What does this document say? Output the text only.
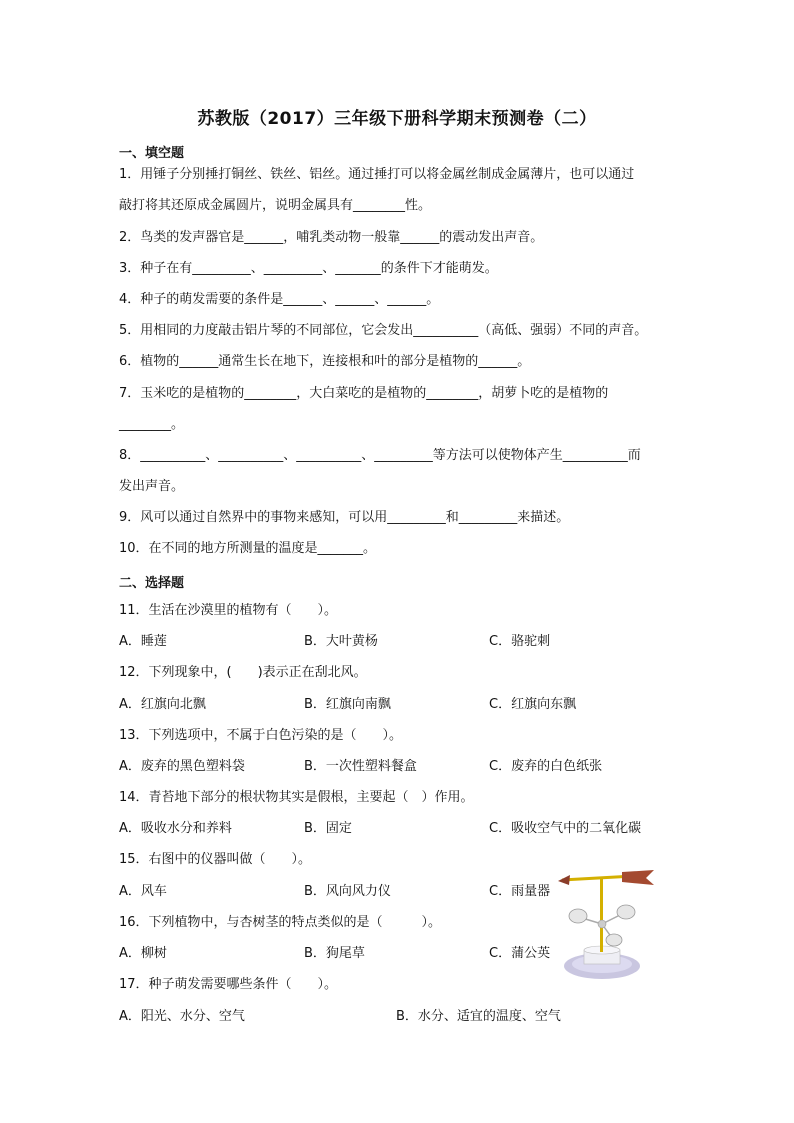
苏教版（2017）三年级下册科学期末预测卷（二）
一、填空题
1．用锤子分别捶打铜丝、铁丝、铝丝。通过捶打可以将金属丝制成金属薄片，也可以通过
敲打将其还原成金属圆片，说明金属具有________性。
2．鸟类的发声器官是______，哺乳类动物一般靠______的震动发出声音。
3．种子在有_________、_________、_______的条件下才能萌发。
4．种子的萌发需要的条件是______、______、______。
5．用相同的力度敲击铝片琴的不同部位，它会发出__________（高低、强弱）不同的声音。
6．植物的______通常生长在地下，连接根和叶的部分是植物的______。
7．玉米吃的是植物的________，大白菜吃的是植物的________，胡萝卜吃的是植物的
________。
8．__________、__________、__________、_________等方法可以使物体产生__________而
发出声音。
9．风可以通过自然界中的事物来感知，可以用_________和_________来描述。
10．在不同的地方所测量的温度是_______。
二、选择题
11．生活在沙漠里的植物有（　　）。
A．睡莲	B．大叶黄杨	C．骆驼刺
12．下列现象中，(　　)表示正在刮北风。
A．红旗向北飘	B．红旗向南飘	C．红旗向东飘
13．下列选项中，不属于白色污染的是（　　）。
A．废弃的黑色塑料袋	B．一次性塑料餐盒	C．废弃的白色纸张
14．青苔地下部分的根状物其实是假根，主要起（　）作用。
A．吸收水分和养料	B．固定	C．吸收空气中的二氧化碳
15．右图中的仪器叫做（　　）。
A．风车	B．风向风力仪	C．雨量器
16．下列植物中，与杏树茎的特点类似的是（　　　）。
A．柳树	B．狗尾草	C．蒲公英
17．种子萌发需要哪些条件（　　）。
A．阳光、水分、空气	B．水分、适宜的温度、空气
